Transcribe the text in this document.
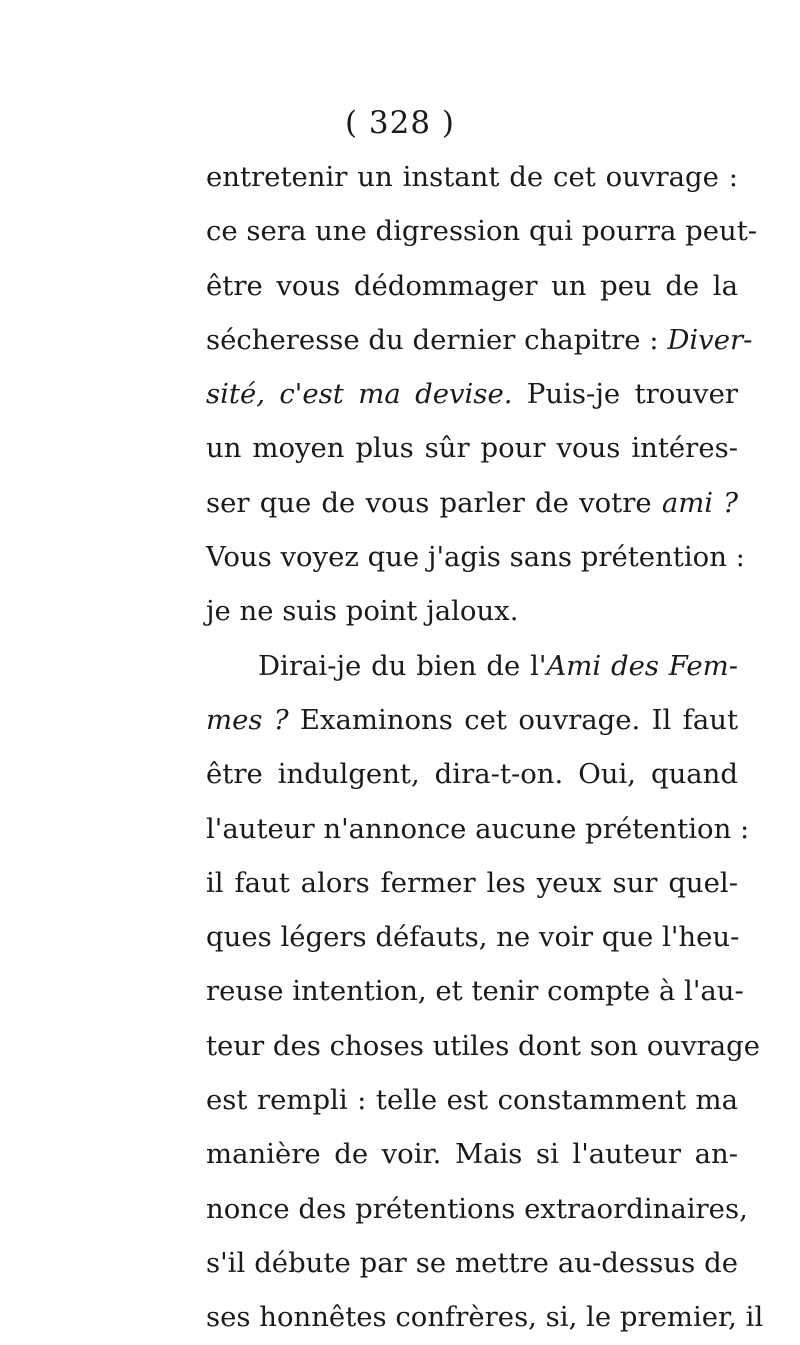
( 328 )
entretenir un instant de cet ouvrage :
ce sera une digression qui pourra peut-
être vous dédommager un peu de la
sécheresse du dernier chapitre : Diver-
sité, c'est ma devise. Puis-je trouver
un moyen plus sûr pour vous intéres-
ser que de vous parler de votre ami ?
Vous voyez que j'agis sans prétention :
je ne suis point jaloux.
Dirai-je du bien de l'Ami des Fem-
mes ? Examinons cet ouvrage. Il faut
être indulgent, dira-t-on. Oui, quand
l'auteur n'annonce aucune prétention :
il faut alors fermer les yeux sur quel-
ques légers défauts, ne voir que l'heu-
reuse intention, et tenir compte à l'au-
teur des choses utiles dont son ouvrage
est rempli : telle est constamment ma
manière de voir. Mais si l'auteur an-
nonce des prétentions extraordinaires,
s'il débute par se mettre au-dessus de
ses honnêtes confrères, si, le premier, il
